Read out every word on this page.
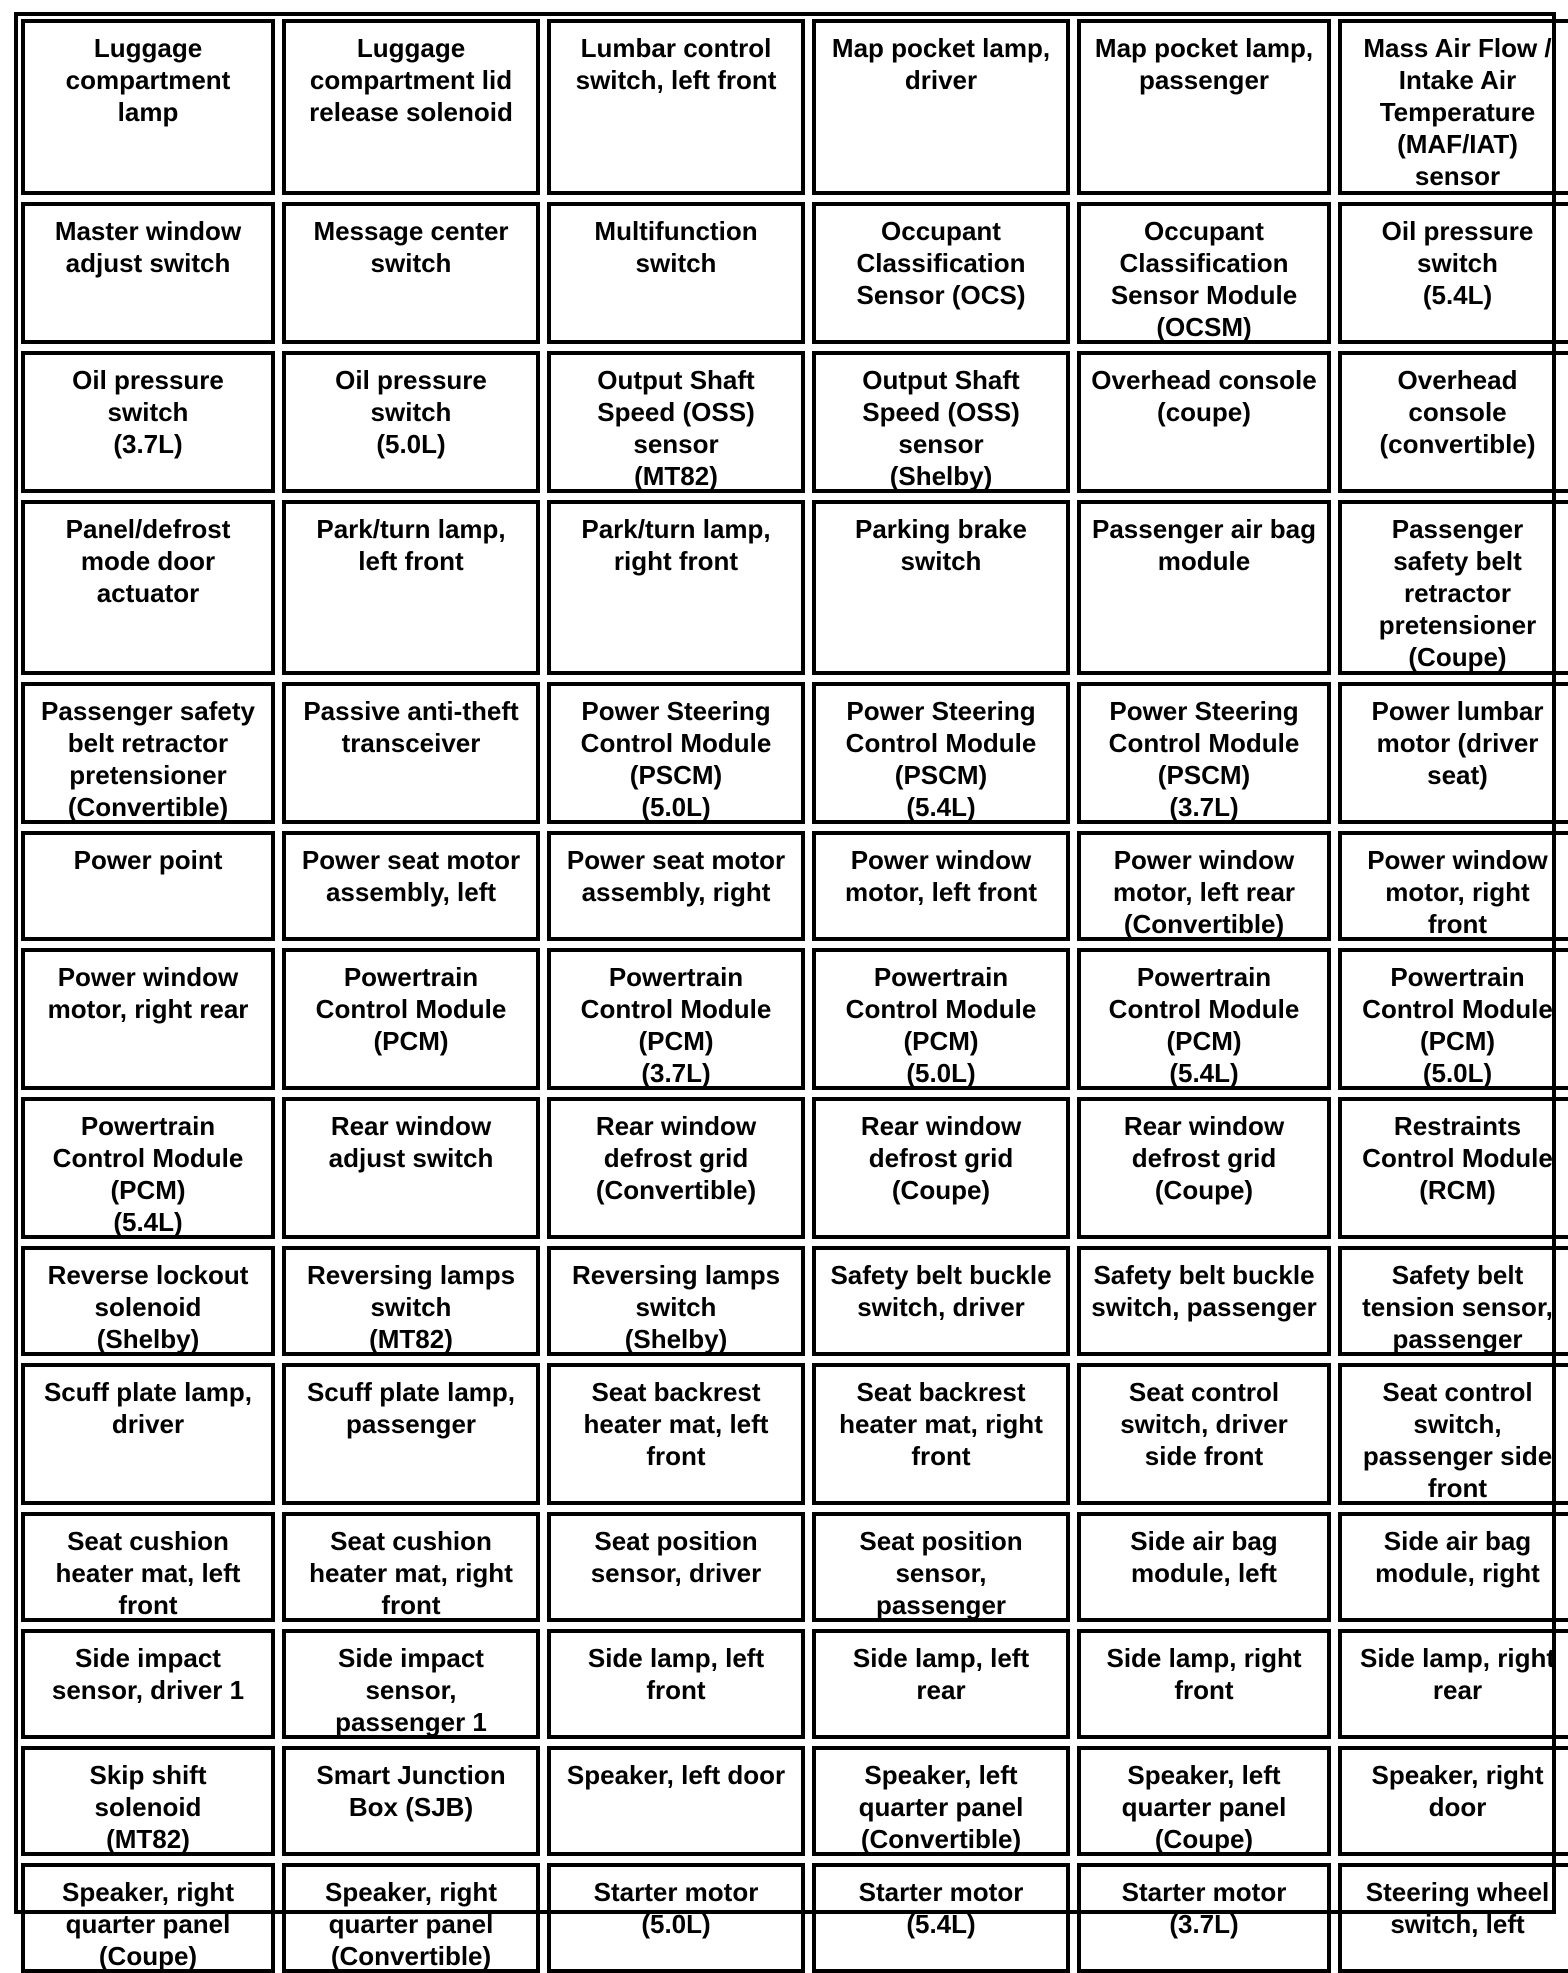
Luggage
compartment
lamp
Luggage
compartment lid
release solenoid
Lumbar control
switch, left front
Map pocket lamp,
driver
Map pocket lamp,
passenger
Mass Air Flow /
Intake Air
Temperature
(MAF/IAT)
sensor
Master window
adjust switch
Message center
switch
Multifunction
switch
Occupant
Classification
Sensor (OCS)
Occupant
Classification
Sensor Module
(OCSM)
Oil pressure
switch
(5.4L)
Oil pressure
switch
(3.7L)
Oil pressure
switch
(5.0L)
Output Shaft
Speed (OSS)
sensor
(MT82)
Output Shaft
Speed (OSS)
sensor
(Shelby)
Overhead console
(coupe)
Overhead
console
(convertible)
Panel/defrost
mode door
actuator
Park/turn lamp,
left front
Park/turn lamp,
right front
Parking brake
switch
Passenger air bag
module
Passenger
safety belt
retractor
pretensioner
(Coupe)
Passenger safety
belt retractor
pretensioner
(Convertible)
Passive anti-theft
transceiver
Power Steering
Control Module
(PSCM)
(5.0L)
Power Steering
Control Module
(PSCM)
(5.4L)
Power Steering
Control Module
(PSCM)
(3.7L)
Power lumbar
motor (driver
seat)
Power point	Power seat motor
assembly, left
Power seat motor
assembly, right
Power window
motor, left front
Power window
motor, left rear
(Convertible)
Power window
motor, right
front
Power window
motor, right rear
Powertrain
Control Module
(PCM)
Powertrain
Control Module
(PCM)
(3.7L)
Powertrain
Control Module
(PCM)
(5.0L)
Powertrain
Control Module
(PCM)
(5.4L)
Powertrain
Control Module
(PCM)
(5.0L)
Powertrain
Control Module
(PCM)
(5.4L)
Rear window
adjust switch
Rear window
defrost grid
(Convertible)
Rear window
defrost grid
(Coupe)
Rear window
defrost grid
(Coupe)
Restraints
Control Module
(RCM)
Reverse lockout
solenoid
(Shelby)
Reversing lamps
switch
(MT82)
Reversing lamps
switch
(Shelby)
Safety belt buckle
switch, driver
Safety belt buckle
switch, passenger
Safety belt
tension sensor,
passenger
Scuff plate lamp,
driver
Scuff plate lamp,
passenger
Seat backrest
heater mat, left
front
Seat backrest
heater mat, right
front
Seat control
switch, driver
side front
Seat control
switch,
passenger side
front
Seat cushion
heater mat, left
front
Seat cushion
heater mat, right
front
Seat position
sensor, driver
Seat position
sensor,
passenger
Side air bag
module, left
Side air bag
module, right
Side impact
sensor, driver 1
Side impact
sensor,
passenger 1
Side lamp, left
front
Side lamp, left
rear
Side lamp, right
front
Side lamp, right
rear
Skip shift
solenoid
(MT82)
Smart Junction
Box (SJB)
Speaker, left door	Speaker, left
quarter panel
(Convertible)
Speaker, left
quarter panel
(Coupe)
Speaker, right
door
Speaker, right
quarter panel
(Coupe)
Speaker, right
quarter panel
(Convertible)
Starter motor
(5.0L)
Starter motor
(5.4L)
Starter motor
(3.7L)
Steering wheel
switch, left
